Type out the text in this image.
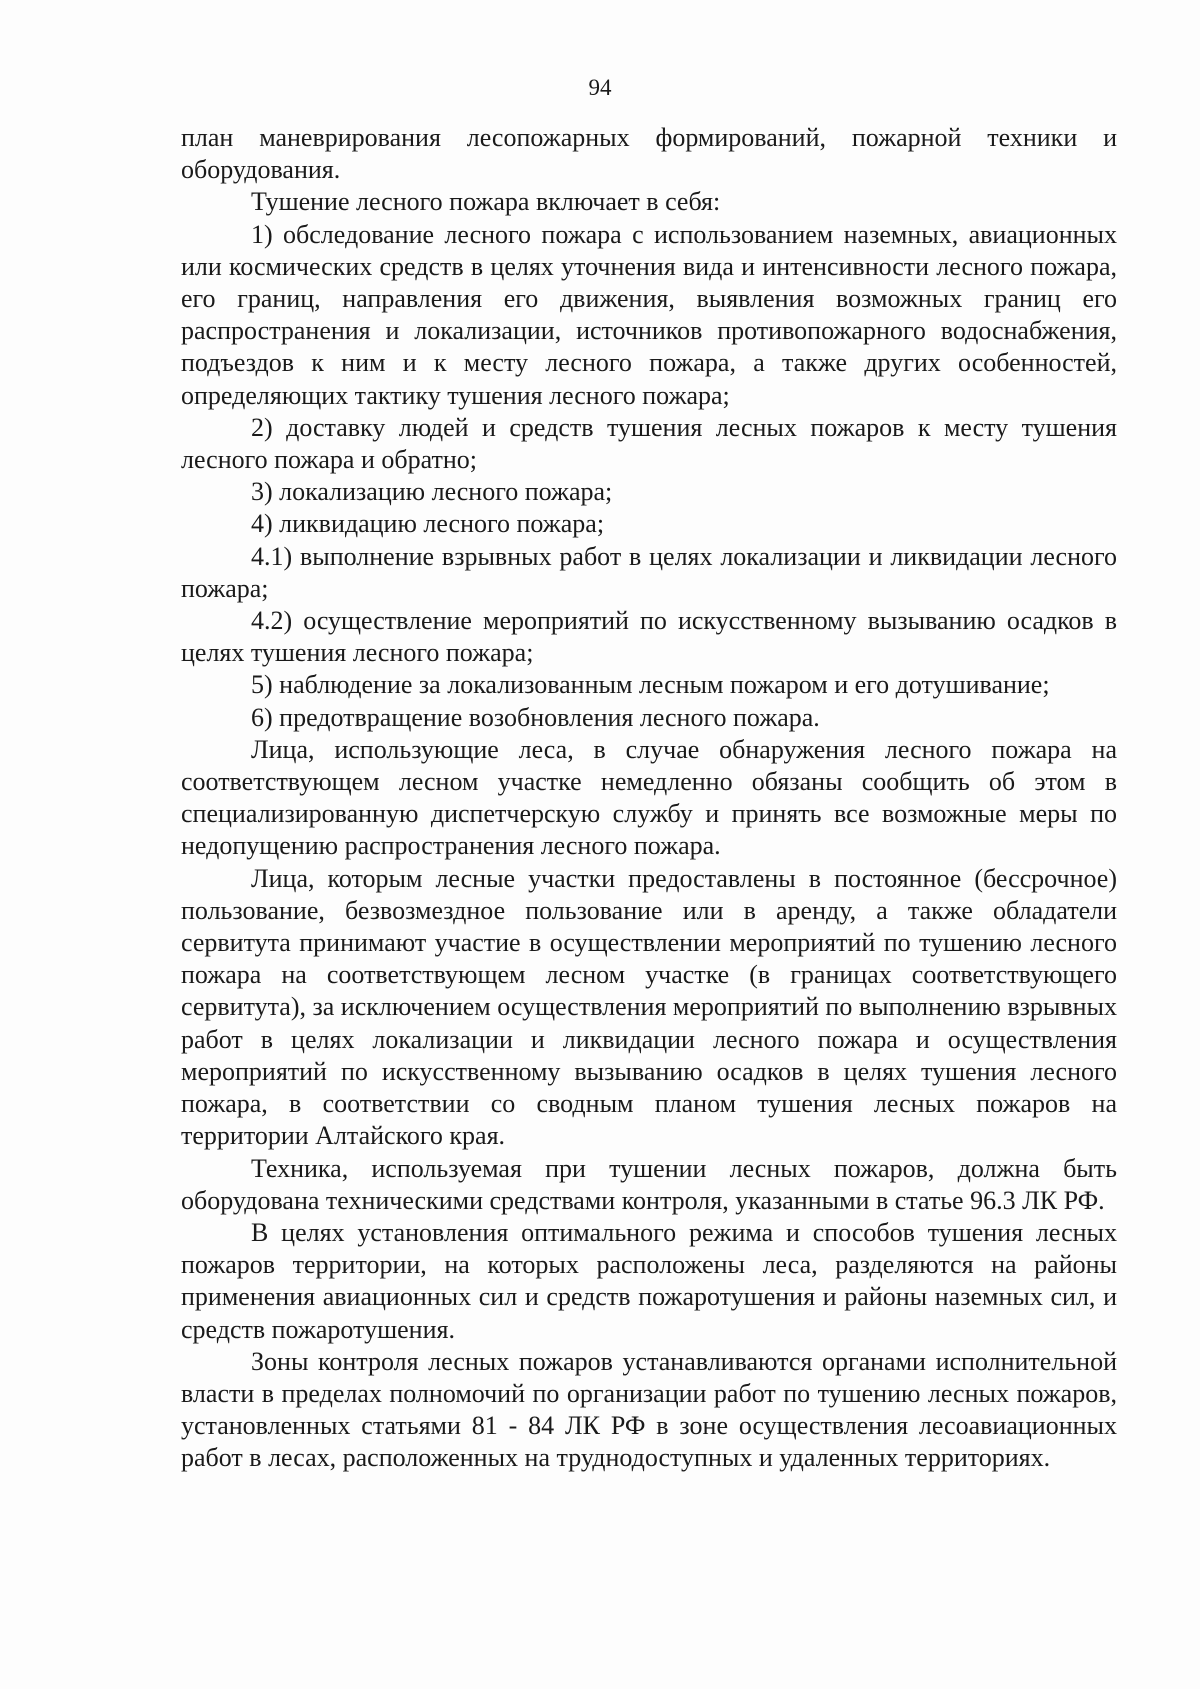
94

план маневрирования лесопожарных формирований, пожарной техники и оборудования.

Тушение лесного пожара включает в себя:

1) обследование лесного пожара с использованием наземных, авиационных или космических средств в целях уточнения вида и интенсивности лесного пожара, его границ, направления его движения, выявления возможных границ его распространения и локализации, источников противопожарного водоснабжения, подъездов к ним и к месту лесного пожара, а также других особенностей, определяющих тактику тушения лесного пожара;

2) доставку людей и средств тушения лесных пожаров к месту тушения лесного пожара и обратно;

3) локализацию лесного пожара;

4) ликвидацию лесного пожара;

4.1) выполнение взрывных работ в целях локализации и ликвидации лесного пожара;

4.2) осуществление мероприятий по искусственному вызыванию осадков в целях тушения лесного пожара;

5) наблюдение за локализованным лесным пожаром и его дотушивание;

6) предотвращение возобновления лесного пожара.

Лица, использующие леса, в случае обнаружения лесного пожара на соответствующем лесном участке немедленно обязаны сообщить об этом в специализированную диспетчерскую службу и принять все возможные меры по недопущению распространения лесного пожара.

Лица, которым лесные участки предоставлены в постоянное (бессрочное) пользование, безвозмездное пользование или в аренду, а также обладатели сервитута принимают участие в осуществлении мероприятий по тушению лесного пожара на соответствующем лесном участке (в границах соответствующего сервитута), за исключением осуществления мероприятий по выполнению взрывных работ в целях локализации и ликвидации лесного пожара и осуществления мероприятий по искусственному вызыванию осадков в целях тушения лесного пожара, в соответствии со сводным планом тушения лесных пожаров на территории Алтайского края.

Техника, используемая при тушении лесных пожаров, должна быть оборудована техническими средствами контроля, указанными в статье 96.3 ЛК РФ.

В целях установления оптимального режима и способов тушения лесных пожаров территории, на которых расположены леса, разделяются на районы применения авиационных сил и средств пожаротушения и районы наземных сил, и средств пожаротушения.

Зоны контроля лесных пожаров устанавливаются органами исполнительной власти в пределах полномочий по организации работ по тушению лесных пожаров, установленных статьями 81 - 84 ЛК РФ в зоне осуществления лесоавиационных работ в лесах, расположенных на труднодоступных и удаленных территориях.
